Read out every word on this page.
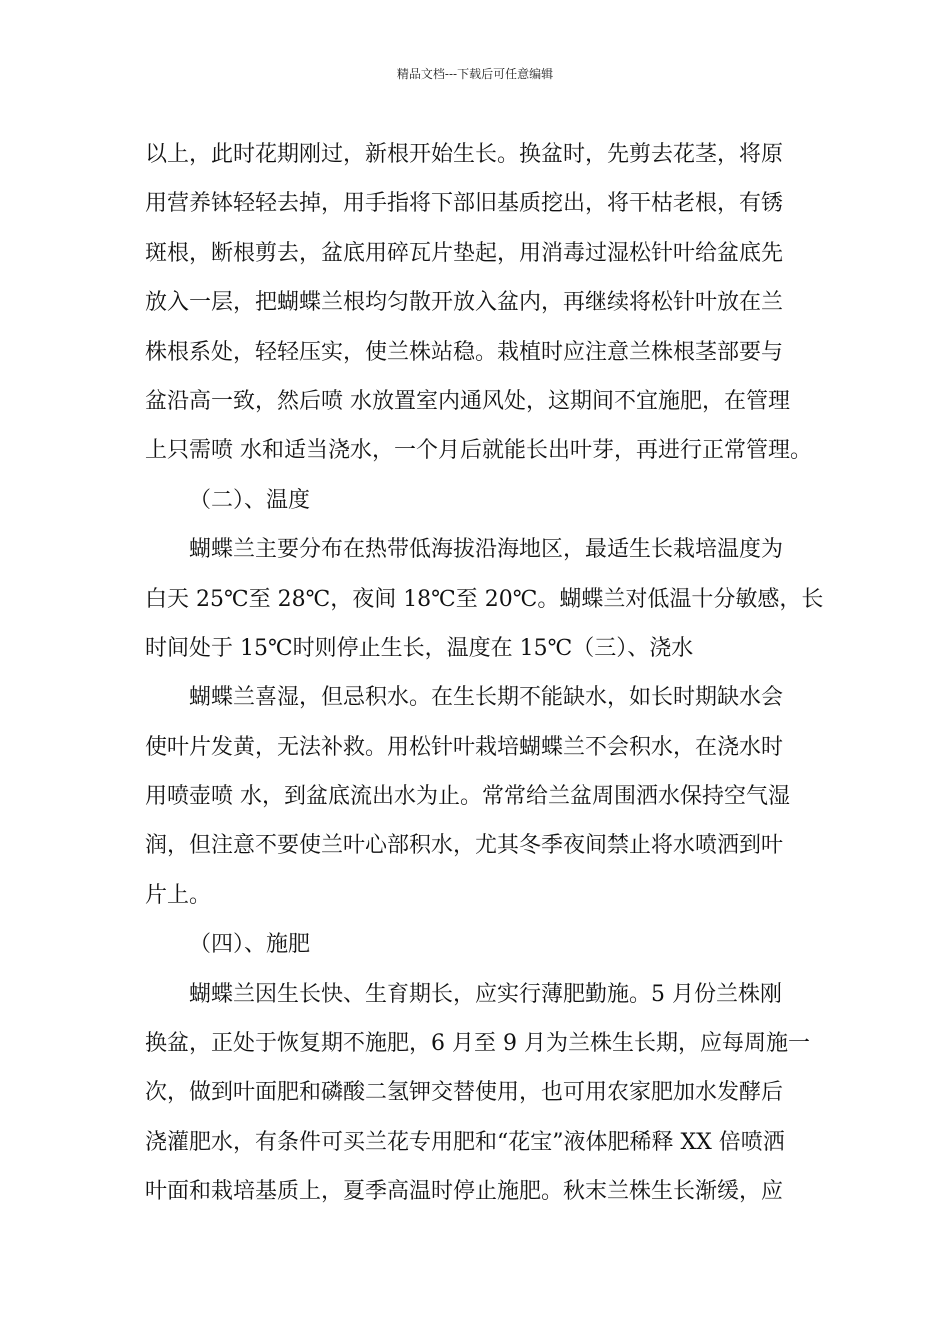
精品文档---下载后可任意编辑
以上，此时花期刚过，新根开始生长。换盆时，先剪去花茎，将原
用营养钵轻轻去掉，用手指将下部旧基质挖出，将干枯老根，有锈
斑根，断根剪去，盆底用碎瓦片垫起，用消毒过湿松针叶给盆底先
放入一层，把蝴蝶兰根均匀散开放入盆内，再继续将松针叶放在兰
株根系处，轻轻压实，使兰株站稳。栽植时应注意兰株根茎部要与
盆沿高一致，然后喷 水放置室内通风处，这期间不宜施肥，在管理
上只需喷 水和适当浇水，一个月后就能长出叶芽，再进行正常管理。
（二）、温度
蝴蝶兰主要分布在热带低海拔沿海地区，最适生长栽培温度为
白天 25℃至 28℃，夜间 18℃至 20℃。蝴蝶兰对低温十分敏感，长
时间处于 15℃时则停止生长，温度在 15℃（三）、浇水
蝴蝶兰喜湿，但忌积水。在生长期不能缺水，如长时期缺水会
使叶片发黄，无法补救。用松针叶栽培蝴蝶兰不会积水，在浇水时
用喷壶喷 水，到盆底流出水为止。常常给兰盆周围洒水保持空气湿
润，但注意不要使兰叶心部积水，尤其冬季夜间禁止将水喷洒到叶
片上。
（四）、施肥
蝴蝶兰因生长快、生育期长，应实行薄肥勤施。5 月份兰株刚
换盆，正处于恢复期不施肥，6 月至 9 月为兰株生长期，应每周施一
次，做到叶面肥和磷酸二氢钾交替使用，也可用农家肥加水发酵后
浇灌肥水，有条件可买兰花专用肥和“花宝”液体肥稀释 XX 倍喷洒
叶面和栽培基质上，夏季高温时停止施肥。秋末兰株生长渐缓，应
